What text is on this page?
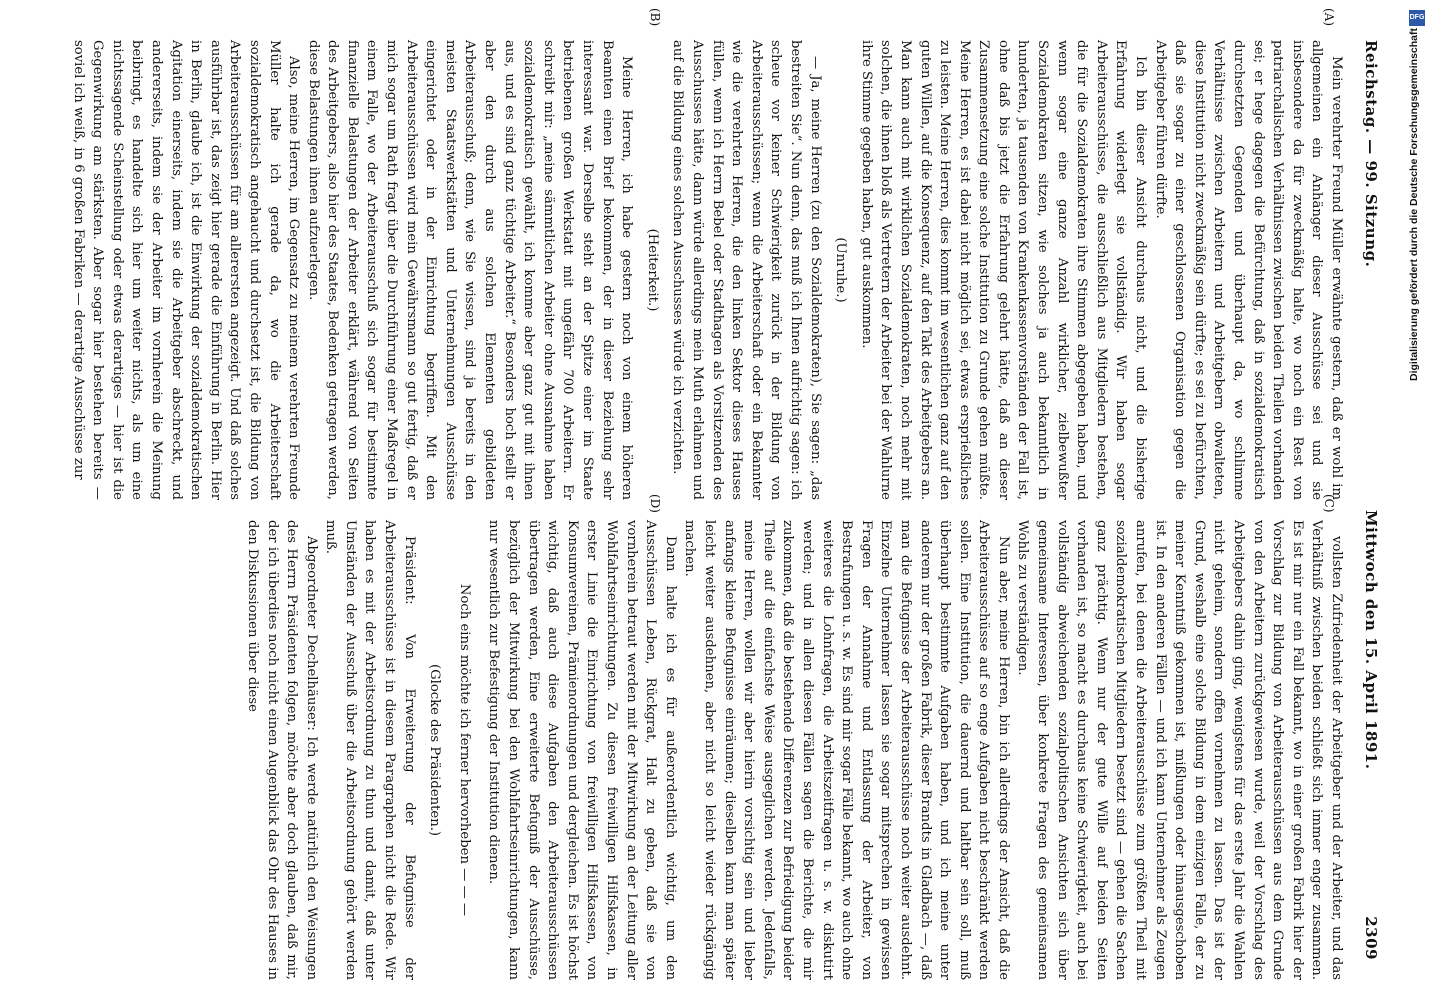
Reichstag. — 99. Sitzung.
Mittwoch den 15. April 1891.
2309
(A)
(B)
(C)
(D)

Mein verehrter Freund Müller erwähnte gestern, daß er wohl im allgemeinen ein Anhänger dieser Ausschüsse sei und sie insbesondere da für zweckmäßig halte, wo noch ein Rest von patriarchalischen Verhältnissen zwischen beiden Theilen vorhanden sei; er hege dagegen die Befürchtung, daß in sozialdemokratisch durchsetzten Gegenden und überhaupt da, wo schlimme Verhältnisse zwischen Arbeitern und Arbeitgebern obwalteten, diese Institution nicht zweckmäßig sein dürfte; es sei zu befürchten, daß sie sogar zu einer geschlossenen Organisation gegen die Arbeitgeber führen dürfte.

Ich bin dieser Ansicht durchaus nicht, und die bisherige Erfahrung widerlegt sie vollständig. Wir haben sogar Arbeiterausschüsse, die ausschließlich aus Mitgliedern bestehen, die für die Sozialdemokraten ihre Stimmen abgegeben haben, und wenn sogar eine ganze Anzahl wirklicher, zielbewußter Sozialdemokraten sitzen, wie solches ja auch bekanntlich in hunderten, ja tausenden von Krankenkassenvorständen der Fall ist, ohne daß bis jetzt die Erfahrung gelehrt hätte, daß an dieser Zusammensetzung eine solche Institution zu Grunde gehen müßte. Meine Herren, es ist dabei nicht möglich sei, etwas ersprießliches zu leisten. Meine Herren, dies kommt im wesentlichen ganz auf den guten Willen, auf die Konsequenz, auf den Takt des Arbeitgebers an. Man kann auch mit wirklichen Sozialdemokraten, noch mehr mit solchen, die ihnen bloß als Vertretern der Arbeiter bei der Wahlurne ihre Stimme gegeben haben, gut auskommen.

(Unruhe.)

— Ja, meine Herren (zu den Sozialdemokraten), Sie sagen: „das bestreiten Sie“. Nun denn, das muß ich Ihnen aufrichtig sagen: ich scheue vor keiner Schwierigkeit zurück in der Bildung von Arbeiterausschüssen; wenn die Arbeiterschaft oder ein Bekannter wie die verehrten Herren, die den linken Sektor dieses Hauses füllen, wenn ich Herrn Bebel oder Stadthagen als Vorsitzenden des Ausschusses hätte, dann würde allerdings mein Muth erlahmen und auf die Bildung eines solchen Ausschusses würde ich verzichten.

(Heiterkeit.)

Meine Herren, ich habe gestern noch von einem höheren Beamten einen Brief bekommen, der in dieser Beziehung sehr interessant war. Derselbe steht an der Spitze einer im Staate betriebenen großen Werkstatt mit ungefähr 700 Arbeitern. Er schreibt mir: „meine sämmtlichen Arbeiter ohne Ausnahme haben sozialdemokratisch gewählt, ich komme aber ganz gut mit ihnen aus, und es sind ganz tüchtige Arbeiter.“ Besonders hoch stellt er aber den durch aus solchen Elementen gebildeten Arbeiterausschuß; denn, wie Sie wissen, sind ja bereits in den meisten Staatswerkstätten und Unternehmungen Ausschüsse eingerichtet oder in der Einrichtung begriffen. Mit den Arbeiterausschüssen wird mein Gewährsmann so gut fertig, daß er mich sogar um Rath fragt über die Durchführung einer Maßregel in einem Falle, wo der Arbeiterausschuß sich sogar für bestimmte finanzielle Belastungen der Arbeiter erklärt, während von Seiten des Arbeitgebers, also hier des Staates, Bedenken getragen werden, diese Belastungen ihnen aufzuerlegen.

Also, meine Herren, im Gegensatz zu meinem verehrten Freunde Müller halte ich gerade da, wo die Arbeiterschaft sozialdemokratisch angehaucht und durchsetzt ist, die Bildung von Arbeiterausschüssen für am allerersten angezeigt. Und daß solches ausführbar ist, das zeigt hier gerade die Einführung in Berlin. Hier in Berlin, glaube ich, ist die Einwirkung der sozialdemokratischen Agitation einerseits, indem sie die Arbeitgeber abschreckt, und andererseits, indem sie der Arbeiter im vornherein die Meinung beibringt, es handelte sich hier um weiter nichts, als um eine nichtssagende Scheinstellung oder etwas derartiges — hier ist die Gegenwirkung am stärksten. Aber sogar hier bestehen bereits — soviel ich weiß, in 6 großen Fabriken — derartige Ausschüsse zur

vollsten Zufriedenheit der Arbeitgeber und der Arbeiter, und das Verhältniß zwischen beiden schließt sich immer enger zusammen. Es ist mir nur ein Fall bekannt, wo in einer großen Fabrik hier der Vorschlag zur Bildung von Arbeiterausschüssen aus dem Grunde von den Arbeitern zurückgewiesen wurde, weil der Vorschlag des Arbeitgebers dahin ging, wenigstens für das erste Jahr die Wahlen nicht geheim, sondern offen vornehmen zu lassen. Das ist der Grund, weshalb eine solche Bildung in dem einzigen Falle, der zu meiner Kenntniß gekommen ist, mißlungen oder hinausgeschoben ist. In den anderen Fällen — und ich kann Unternehmer als Zeugen anrufen, bei denen die Arbeiterausschüsse zum größten Theil mit sozialdemokratischen Mitgliedern besetzt sind — gehen die Sachen ganz prächtig. Wenn nur der gute Wille auf beiden Seiten vorhanden ist, so macht es durchaus keine Schwierigkeit, auch bei vollständig abweichenden sozialpolitischen Ansichten sich über gemeinsame Interessen, über konkrete Fragen des gemeinsamen Wohls zu verständigen.

Nun aber, meine Herren, bin ich allerdings der Ansicht, daß die Arbeiterausschüsse auf so enge Aufgaben nicht beschränkt werden sollen. Eine Institution, die dauernd und haltbar sein soll, muß überhaupt bestimmte Aufgaben haben, und ich meine unter anderem nur der großen Fabrik, dieser Brandts in Gladbach —, daß man die Befugnisse der Arbeiterausschüsse noch weiter ausdehnt. Einzelne Unternehmer lassen sie sogar mitsprechen in gewissen Fragen der Annahme und Entlassung der Arbeiter, von Bestrafungen u. s. w. Es sind mir sogar Fälle bekannt, wo auch ohne weiteres die Lohnfragen, die Arbeitszeitfragen u. s. w. diskutirt werden; und in allen diesen Fällen sagen die Berichte, die mir zukommen, daß die bestehende Differenzen zur Befriedigung beider Theile auf die einfachste Weise ausgeglichen werden. Jedenfalls, meine Herren, wollen wir aber hierin vorsichtig sein und lieber anfangs kleine Befugnisse einräumen; dieselben kann man später leicht weiter ausdehnen, aber nicht so leicht wieder rückgängig machen.

Dann halte ich es für außerordentlich wichtig, um den Ausschüssen Leben, Rückgrat, Halt zu geben, daß sie von vornherein betraut werden mit der Mitwirkung an der Leitung aller Wohlfahrtseinrichtungen. Zu diesen freiwilligen Hilfskassen, in erster Linie die Einrichtung von freiwilligen Hilfskassen, von Konsumvereinen, Prämienordnungen und dergleichen. Es ist höchst wichtig, daß auch diese Aufgaben den Arbeiterausschüssen übertragen werden, Eine erweiterte Befugniß der Ausschüsse, bezüglich der Mitwirkung bei den Wohlfahrtseinrichtungen, kann nur wesentlich zur Befestigung der Institution dienen.

Noch eins möchte ich ferner hervorheben — — —

(Glocke des Präsidenten.)

Präsident: Von Erweiterung der Befugnisse der Arbeiterausschüsse ist in diesem Paragraphen nicht die Rede. Wir haben es mit der Arbeitsordnung zu thun und damit, daß unter Umständen der Ausschuß über die Arbeitsordnung gehört werden muß.

Abgeordneter Dechelhäuser: Ich werde natürlich den Weisungen des Herrn Präsidenten folgen, möchte aber doch glauben, daß mir, der ich überdies noch nicht einen Augenblick das Ohr des Hauses in den Diskussionen über diese

DFG
Digitalisierung gefördert durch die Deutsche Forschungsgemeinschaft
